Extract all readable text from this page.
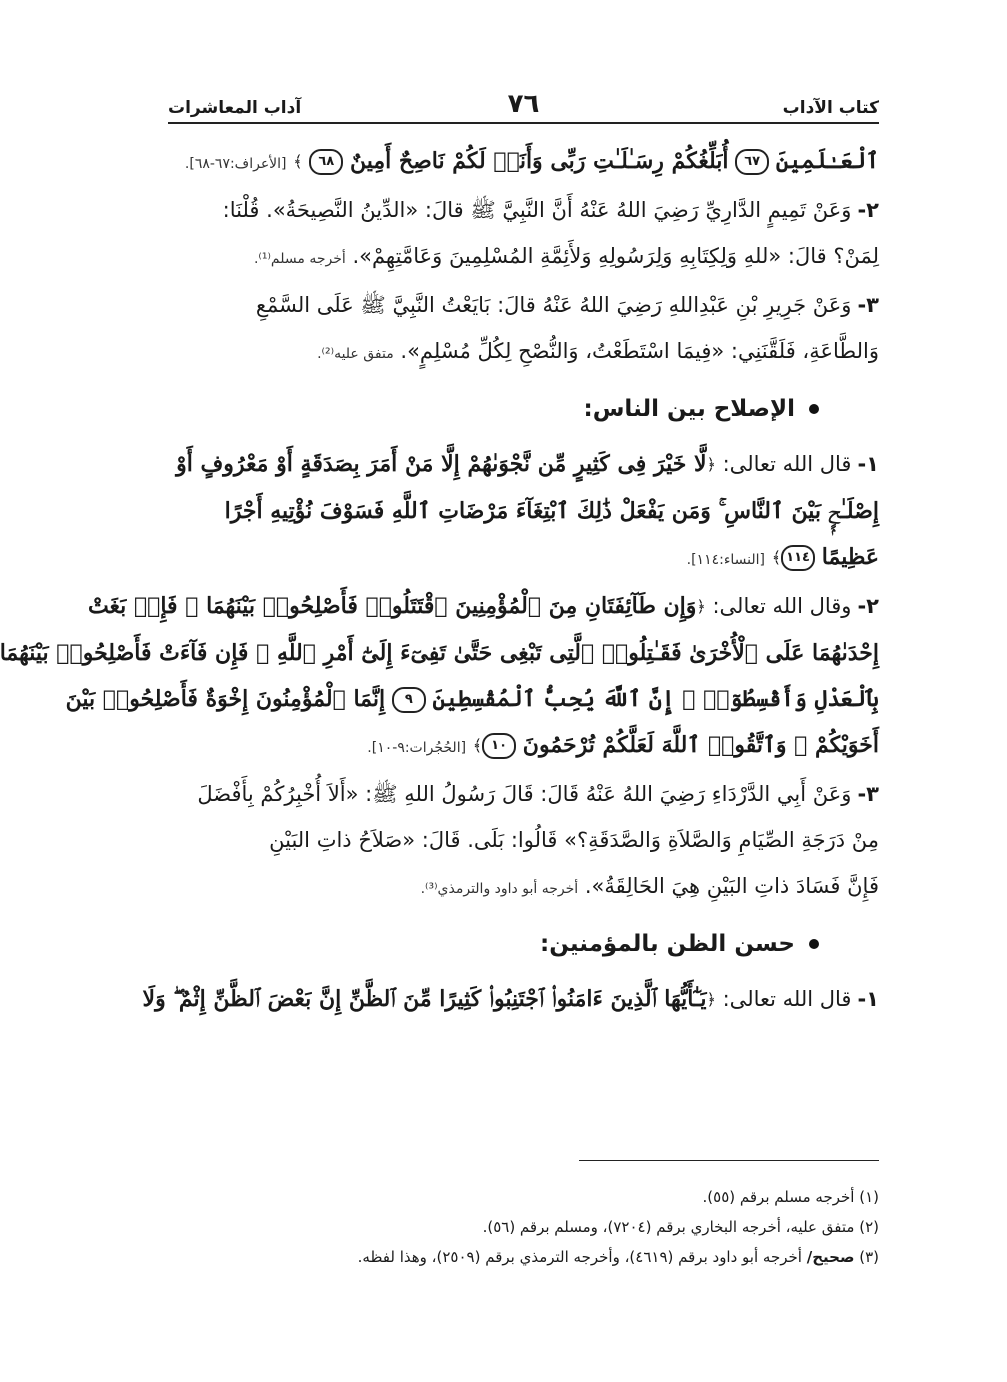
كتاب الآداب
٧٦
آداب المعاشرات
ٱلْعَـٰلَمِينَ ٦٧ أُبَلِّغُكُمْ رِسَـٰلَـٰتِ رَبِّى وَأَنَا۠ لَكُمْ نَاصِحٌ أَمِينٌ ٦٨ ﴾ [الأعراف:٦٧-٦٨].
٢-وَعَنْ تَمِيمٍ الدَّارِيِّ رَضِيَ اللهُ عَنْهُ أَنَّ النَّبِيَّ ﷺ قالَ: «الدِّينُ النَّصِيحَةُ». قُلْنَا:
لِمَنْ؟ قالَ: «للهِ وَلِكِتَابِهِ وَلِرَسُولِهِ وَلأَئِمَّةِ المُسْلِمِينَ وَعَامَّتِهِمْ». أخرجه مسلم⁽¹⁾.
٣-وَعَنْ جَرِيرِ بْنِ عَبْدِاللهِ رَضِيَ اللهُ عَنْهُ قالَ: بَايَعْتُ النَّبِيَّ ﷺ عَلَى السَّمْعِ
وَالطَّاعَةِ، فَلَقَّنَنِي: «فِيمَا اسْتَطَعْتُ، وَالنُّصْحِ لِكُلِّ مُسْلِمٍ». متفق عليه⁽²⁾.
الإصلاح بين الناس:
١-قال الله تعالى: ﴿لَّا خَيْرَ فِى كَثِيرٍ مِّن نَّجْوَىٰهُمْ إِلَّا مَنْ أَمَرَ بِصَدَقَةٍ أَوْ مَعْرُوفٍ أَوْ
إِصْلَـٰحٍۭ بَيْنَ ٱلنَّاسِ ۚ وَمَن يَفْعَلْ ذَٰلِكَ ٱبْتِغَآءَ مَرْضَاتِ ٱللَّهِ فَسَوْفَ نُؤْتِيهِ أَجْرًا
عَظِيمًا ١١٤﴾ [النساء:١١٤].
٢-وقال الله تعالى: ﴿وَإِن طَآئِفَتَانِ مِنَ ٱلْمُؤْمِنِينَ ٱقْتَتَلُوا۟ فَأَصْلِحُوا۟ بَيْنَهُمَا ۖ فَإِنۢ بَغَتْ
إِحْدَىٰهُمَا عَلَى ٱلْأُخْرَىٰ فَقَـٰتِلُوا۟ ٱلَّتِى تَبْغِى حَتَّىٰ تَفِىٓءَ إِلَىٰٓ أَمْرِ ٱللَّهِ ۚ فَإِن فَآءَتْ فَأَصْلِحُوا۟ بَيْنَهُمَا
بِٱلْعَدْلِ وَأَقْسِطُوٓا۟ ۖ إِنَّ ٱللَّهَ يُحِبُّ ٱلْمُقْسِطِينَ ٩ إِنَّمَا ٱلْمُؤْمِنُونَ إِخْوَةٌ فَأَصْلِحُوا۟ بَيْنَ
أَخَوَيْكُمْ ۚ وَٱتَّقُوا۟ ٱللَّهَ لَعَلَّكُمْ تُرْحَمُونَ ١٠﴾ [الحُجُرات:٩-١٠].
٣-وَعَنْ أَبِي الدَّرْدَاءِ رَضِيَ اللهُ عَنْهُ قَالَ: قَالَ رَسُولُ اللهِ ﷺ: «أَلاَ أُخْبِرُكُمْ بِأَفْضَلَ
مِنْ دَرَجَةِ الصِّيَامِ وَالصَّلاَةِ وَالصَّدَقَةِ؟» قَالُوا: بَلَى. قَالَ: «صَلاَحُ ذاتِ البَيْنِ
فَإِنَّ فَسَادَ ذاتِ البَيْنِ هِيَ الحَالِقَةُ». أخرجه أبو داود والترمذي⁽³⁾.
حسن الظن بالمؤمنين:
١-قال الله تعالى: ﴿يَـٰٓأَيُّهَا ٱلَّذِينَ ءَامَنُوا۟ ٱجْتَنِبُوا۟ كَثِيرًا مِّنَ ٱلظَّنِّ إِنَّ بَعْضَ ٱلظَّنِّ إِثْمٌ ۖ وَلَا
(١) أخرجه مسلم برقم (٥٥).
(٢) متفق عليه، أخرجه البخاري برقم (٧٢٠٤)، ومسلم برقم (٥٦).
(٣) صحيح/ أخرجه أبو داود برقم (٤٦١٩)، وأخرجه الترمذي برقم (٢٥٠٩)، وهذا لفظه.
